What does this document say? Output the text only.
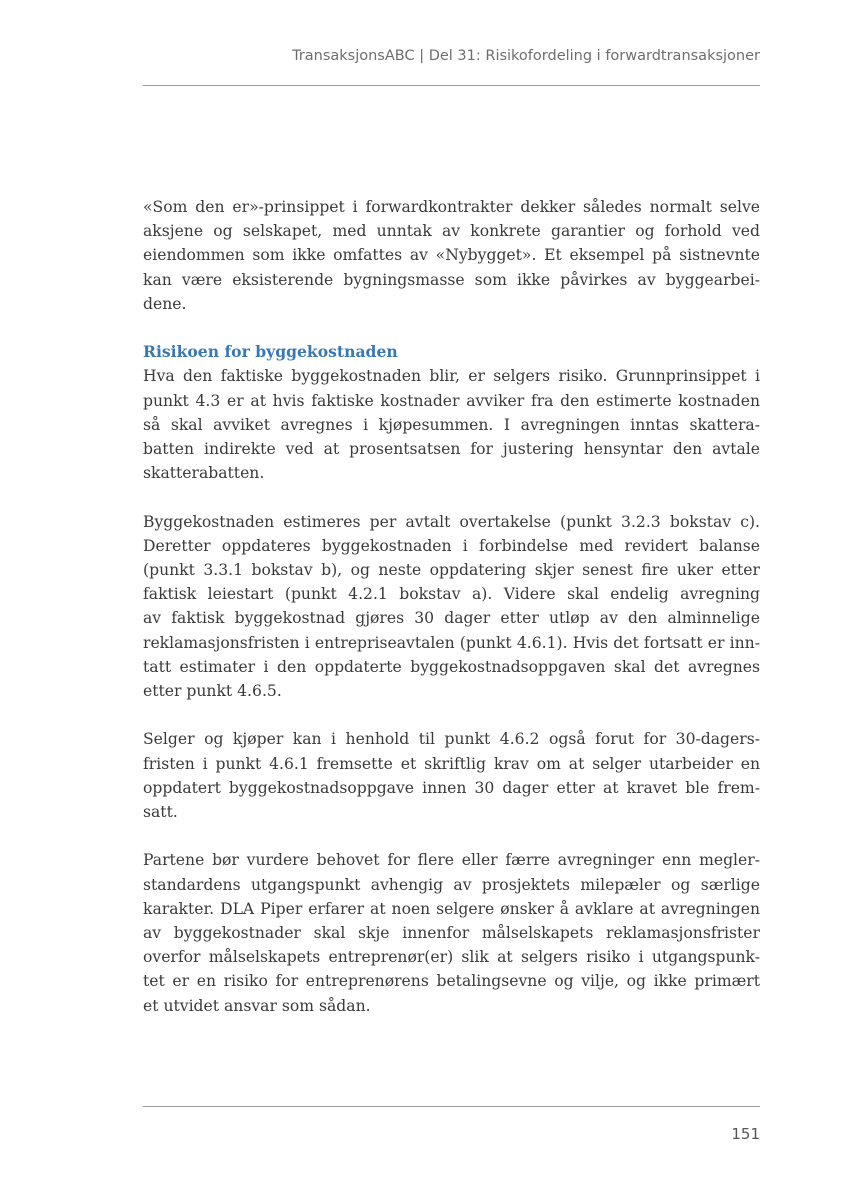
TransaksjonsABC | Del 31: Risikofordeling i forwardtransaksjoner
«Som den er»-prinsippet i forwardkontrakter dekker således normalt selve
aksjene og selskapet, med unntak av konkrete garantier og forhold ved
eiendommen som ikke omfattes av «Nybygget». Et eksempel på sistnevnte
kan være eksisterende bygningsmasse som ikke påvirkes av byggearbei-
dene.

Risikoen for byggekostnaden

Hva den faktiske byggekostnaden blir, er selgers risiko. Grunnprinsippet i
punkt 4.3 er at hvis faktiske kostnader avviker fra den estimerte kostnaden
så skal avviket avregnes i kjøpesummen. I avregningen inntas skattera-
batten indirekte ved at prosentsatsen for justering hensyntar den avtale
skatterabatten.
Byggekostnaden estimeres per avtalt overtakelse (punkt 3.2.3 bokstav c).
Deretter oppdateres byggekostnaden i forbindelse med revidert balanse
(punkt 3.3.1 bokstav b), og neste oppdatering skjer senest fire uker etter
faktisk leiestart (punkt 4.2.1 bokstav a). Videre skal endelig avregning
av faktisk byggekostnad gjøres 30 dager etter utløp av den alminnelige
reklamasjonsfristen i entrepriseavtalen (punkt 4.6.1). Hvis det fortsatt er inn-
tatt estimater i den oppdaterte byggekostnadsoppgaven skal det avregnes
etter punkt 4.6.5.
Selger og kjøper kan i henhold til punkt 4.6.2 også forut for 30-dagers-
fristen i punkt 4.6.1 fremsette et skriftlig krav om at selger utarbeider en
oppdatert byggekostnadsoppgave innen 30 dager etter at kravet ble frem-
satt.
Partene bør vurdere behovet for flere eller færre avregninger enn megler-
standardens utgangspunkt avhengig av prosjektets milepæler og særlige
karakter. DLA Piper erfarer at noen selgere ønsker å avklare at avregningen
av byggekostnader skal skje innenfor målselskapets reklamasjonsfrister
overfor målselskapets entreprenør(er) slik at selgers risiko i utgangspunk-
tet er en risiko for entreprenørens betalingsevne og vilje, og ikke primært
et utvidet ansvar som sådan.
151
